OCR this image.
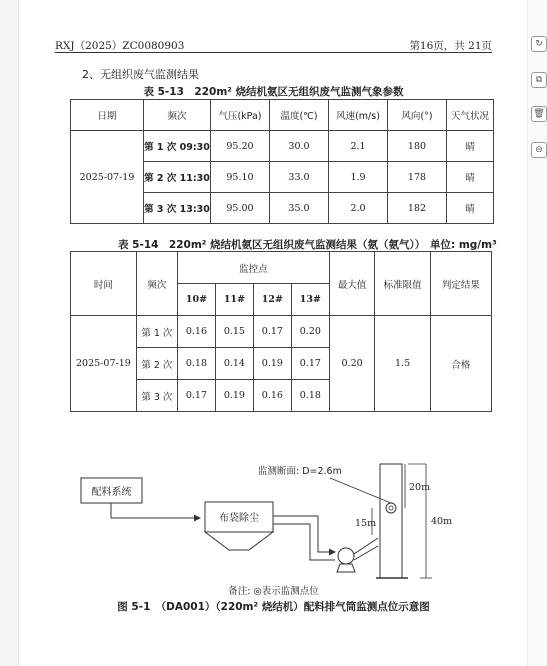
↻
⧉
🗑
⊖
RXJ（2025）ZC0080903	第16页，共 21页
2、无组织废气监测结果
表 5-13　220m² 烧结机氨区无组织废气监测气象参数
日期	频次	气压(kPa)	温度(℃)	风速(m/s)	风向(°)	天气状况
2025-07-19	第 1 次 09:30	95.20	30.0	2.1	180	晴
	第 2 次 11:30	95.10	33.0	1.9	178	晴
	第 3 次 13:30	95.00	35.0	2.0	182	晴
表 5-14　220m² 烧结机氨区无组织废气监测结果（氨（氨气）） 单位: mg/m³
时间	频次	监控点				最大值	标准限值	判定结果
		10#	11#	12#	13#			
2025-07-19	第 1 次	0.16	0.15	0.17	0.20	0.20	1.5	合格
	第 2 次	0.18	0.14	0.19	0.17			
	第 3 次	0.17	0.19	0.16	0.18			
配料系统
布袋除尘
监测断面: D=2.6m
20m
15m	40m
备注: ◎表示监测点位
图 5-1　（DA001）（220m² 烧结机）配料排气筒监测点位示意图
